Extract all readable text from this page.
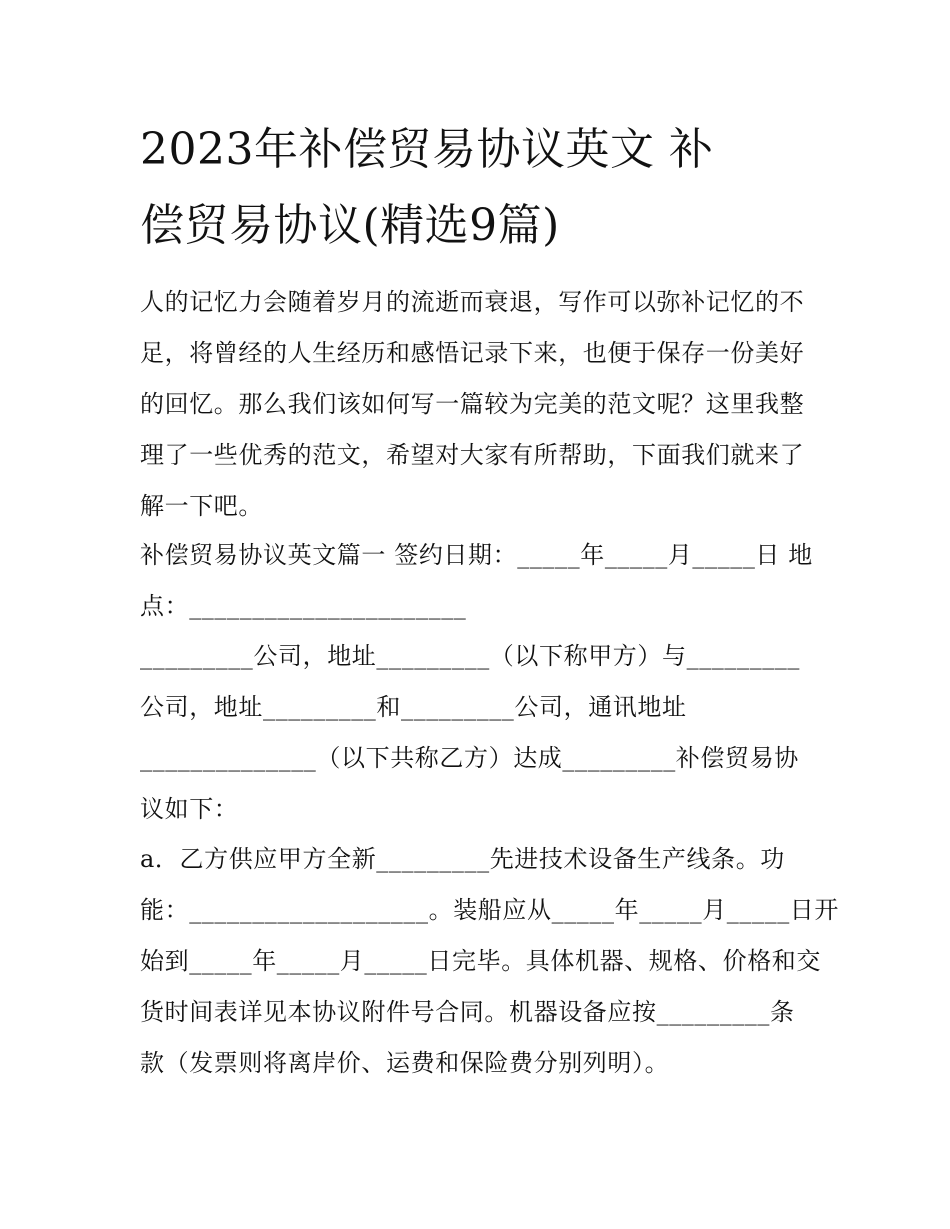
2023年补偿贸易协议英文 补
偿贸易协议(精选9篇)

人的记忆力会随着岁月的流逝而衰退，写作可以弥补记忆的不
足，将曾经的人生经历和感悟记录下来，也便于保存一份美好
的回忆。那么我们该如何写一篇较为完美的范文呢？这里我整
理了一些优秀的范文，希望对大家有所帮助，下面我们就来了
解一下吧。

补偿贸易协议英文篇一 签约日期：_____年_____月_____日 地
点：______________________

_________公司，地址_________（以下称甲方）与_________
公司，地址_________和_________公司，通讯地址
______________（以下共称乙方）达成_________补偿贸易协
议如下：

a．乙方供应甲方全新_________先进技术设备生产线条。功
能：___________________。装船应从_____年_____月_____日开
始到_____年_____月_____日完毕。具体机器、规格、价格和交
货时间表详见本协议附件号合同。机器设备应按_________条
款（发票则将离岸价、运费和保险费分别列明）。
